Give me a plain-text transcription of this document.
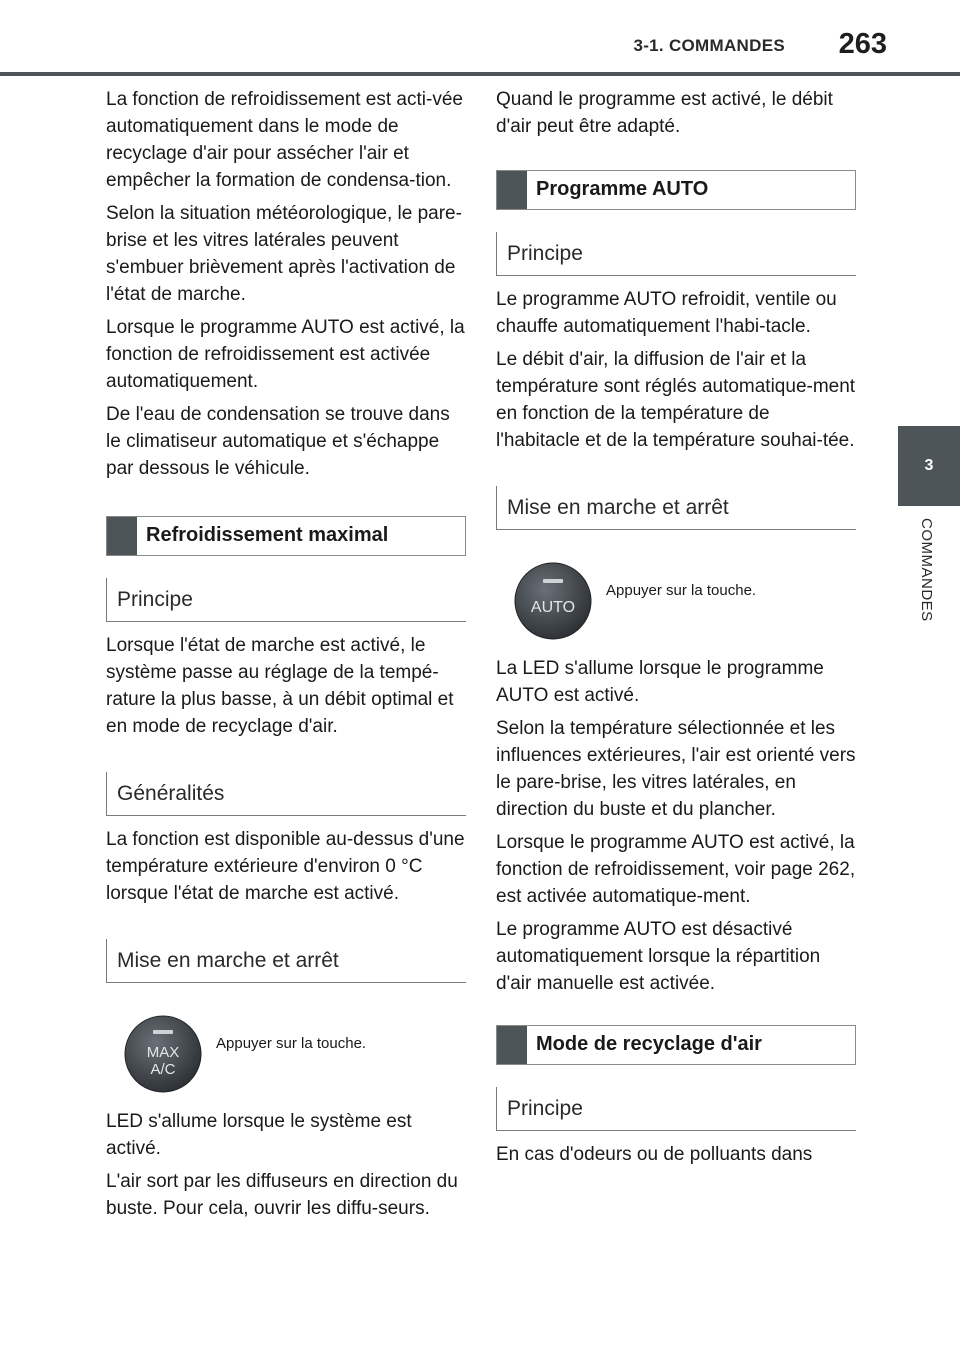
3-1. COMMANDES	263
3
COMMANDES

La fonction de refroidissement est acti-vée automatiquement dans le mode de recyclage d'air pour assécher l'air et empêcher la formation de condensa-tion.

Selon la situation météorologique, le pare-brise et les vitres latérales peuvent s'embuer brièvement après l'activation de l'état de marche.

Lorsque le programme AUTO est activé, la fonction de refroidissement est activée automatiquement.

De l'eau de condensation se trouve dans le climatiseur automatique et s'échappe par dessous le véhicule.

Refroidissement maximal
Principe

Lorsque l'état de marche est activé, le système passe au réglage de la tempé-rature la plus basse, à un débit optimal et en mode de recyclage d'air.

Généralités

La fonction est disponible au-dessus d'une température extérieure d'environ 0 °C lorsque l'état de marche est activé.

Mise en marche et arrêt
MAX
A/C
Appuyer sur la touche.

LED s'allume lorsque le système est activé.

L'air sort par les diffuseurs en direction du buste. Pour cela, ouvrir les diffu-seurs.

Quand le programme est activé, le débit d'air peut être adapté.

Programme AUTO
Principe

Le programme AUTO refroidit, ventile ou chauffe automatiquement l'habi-tacle.

Le débit d'air, la diffusion de l'air et la température sont réglés automatique-ment en fonction de la température de l'habitacle et de la température souhai-tée.

Mise en marche et arrêt
AUTO
Appuyer sur la touche.

La LED s'allume lorsque le programme AUTO est activé.

Selon la température sélectionnée et les influences extérieures, l'air est orienté vers le pare-brise, les vitres latérales, en direction du buste et du plancher.

Lorsque le programme AUTO est activé, la fonction de refroidissement, voir page 262, est activée automatique-ment.

Le programme AUTO est désactivé automatiquement lorsque la répartition d'air manuelle est activée.

Mode de recyclage d'air
Principe

En cas d'odeurs ou de polluants dans
